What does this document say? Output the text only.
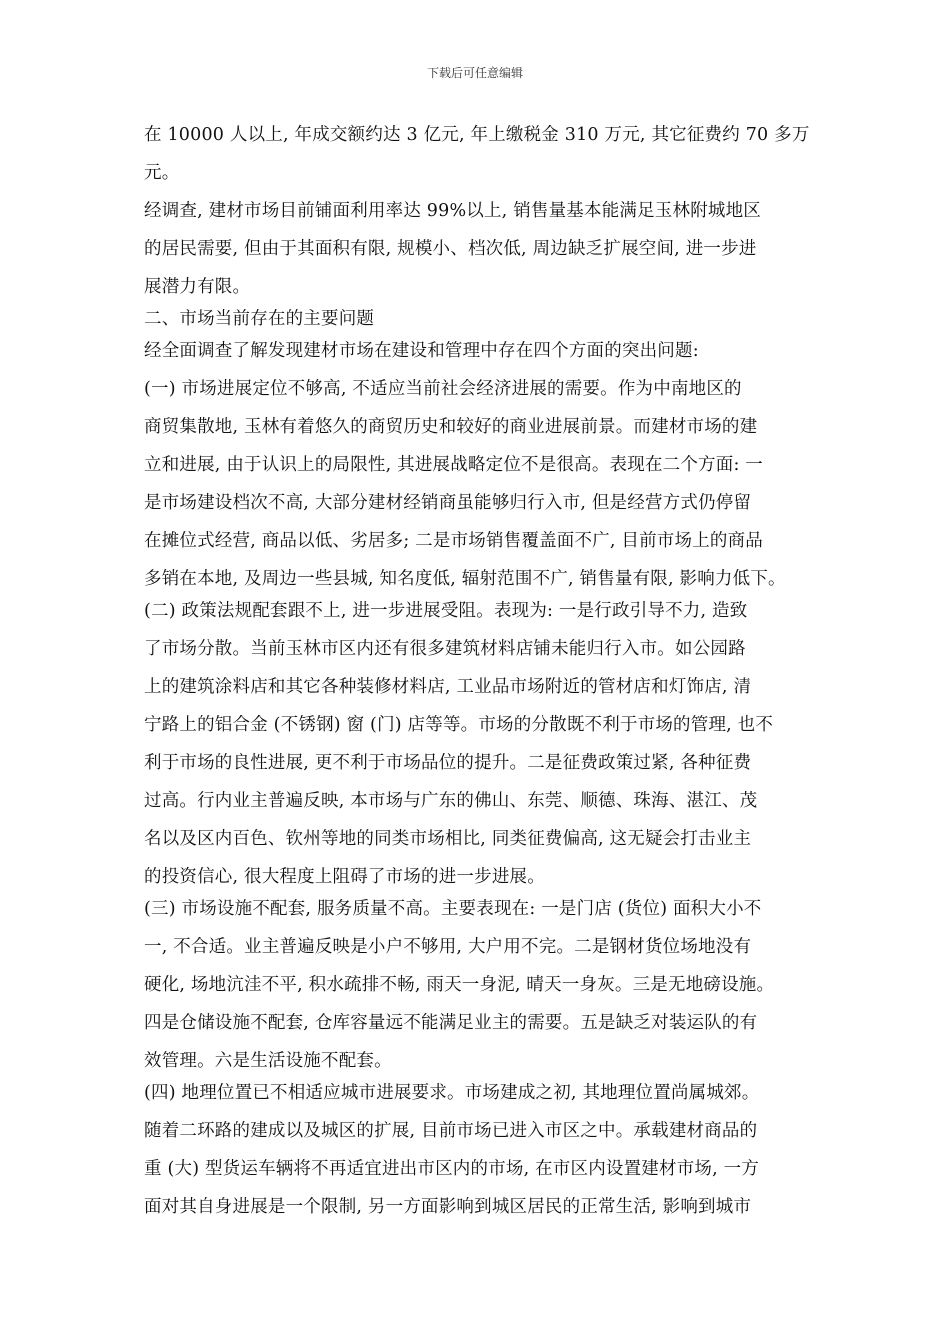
下载后可任意编辑
在 10000 人以上, 年成交额约达 3 亿元, 年上缴税金 310 万元, 其它征费约 70 多万
元。
经调查, 建材市场目前铺面利用率达 99%以上, 销售量基本能满足玉林附城地区
的居民需要, 但由于其面积有限, 规模小、档次低, 周边缺乏扩展空间, 进一步进
展潜力有限。
二、市场当前存在的主要问题
经全面调查了解发现建材市场在建设和管理中存在四个方面的突出问题:
(一) 市场进展定位不够高, 不适应当前社会经济进展的需要。作为中南地区的
商贸集散地, 玉林有着悠久的商贸历史和较好的商业进展前景。而建材市场的建
立和进展, 由于认识上的局限性, 其进展战略定位不是很高。表现在二个方面: 一
是市场建设档次不高, 大部分建材经销商虽能够归行入市, 但是经营方式仍停留
在摊位式经营, 商品以低、劣居多; 二是市场销售覆盖面不广, 目前市场上的商品
多销在本地, 及周边一些县城, 知名度低, 辐射范围不广, 销售量有限, 影响力低下。
(二) 政策法规配套跟不上, 进一步进展受阻。表现为: 一是行政引导不力, 造致
了市场分散。当前玉林市区内还有很多建筑材料店铺未能归行入市。如公园路
上的建筑涂料店和其它各种装修材料店, 工业品市场附近的管材店和灯饰店, 清
宁路上的铝合金 (不锈钢) 窗 (门) 店等等。市场的分散既不利于市场的管理, 也不
利于市场的良性进展, 更不利于市场品位的提升。二是征费政策过紧, 各种征费
过高。行内业主普遍反映, 本市场与广东的佛山、东莞、顺德、珠海、湛江、茂
名以及区内百色、钦州等地的同类市场相比, 同类征费偏高, 这无疑会打击业主
的投资信心, 很大程度上阻碍了市场的进一步进展。
(三) 市场设施不配套, 服务质量不高。主要表现在: 一是门店 (货位) 面积大小不
一, 不合适。业主普遍反映是小户不够用, 大户用不完。二是钢材货位场地没有
硬化, 场地沆洼不平, 积水疏排不畅, 雨天一身泥, 晴天一身灰。三是无地磅设施。
四是仓储设施不配套, 仓库容量远不能满足业主的需要。五是缺乏对装运队的有
效管理。六是生活设施不配套。
(四) 地理位置已不相适应城市进展要求。市场建成之初, 其地理位置尚属城郊。
随着二环路的建成以及城区的扩展, 目前市场已进入市区之中。承载建材商品的
重 (大) 型货运车辆将不再适宜进出市区内的市场, 在市区内设置建材市场, 一方
面对其自身进展是一个限制, 另一方面影响到城区居民的正常生活, 影响到城市
